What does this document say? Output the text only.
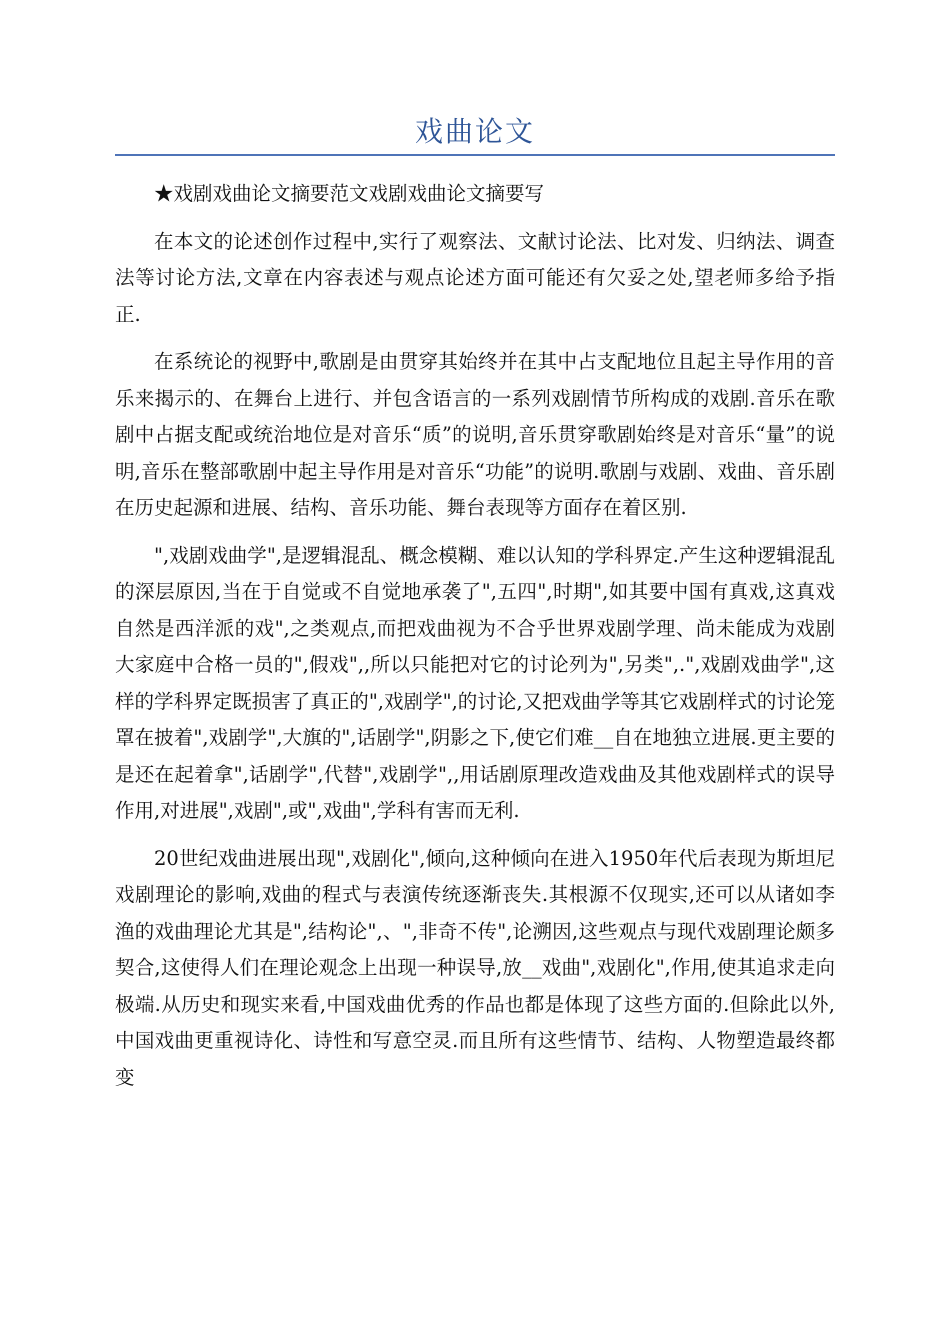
戏曲论文

★戏剧戏曲论文摘要范文戏剧戏曲论文摘要写

在本文的论述创作过程中,实行了观察法、文献讨论法、比对发、归纳法、调查法等讨论方法,文章在内容表述与观点论述方面可能还有欠妥之处,望老师多给予指正.

在系统论的视野中,歌剧是由贯穿其始终并在其中占支配地位且起主导作用的音乐来揭示的、在舞台上进行、并包含语言的一系列戏剧情节所构成的戏剧.音乐在歌剧中占据支配或统治地位是对音乐“质”的说明,音乐贯穿歌剧始终是对音乐“量”的说明,音乐在整部歌剧中起主导作用是对音乐“功能”的说明.歌剧与戏剧、戏曲、音乐剧在历史起源和进展、结构、音乐功能、舞台表现等方面存在着区别.

",戏剧戏曲学",是逻辑混乱、概念模糊、难以认知的学科界定.产生这种逻辑混乱的深层原因,当在于自觉或不自觉地承袭了",五四",时期",如其要中国有真戏,这真戏自然是西洋派的戏",之类观点,而把戏曲视为不合乎世界戏剧学理、尚未能成为戏剧大家庭中合格一员的",假戏",,所以只能把对它的讨论列为",另类",.",戏剧戏曲学",这样的学科界定既损害了真正的",戏剧学",的讨论,又把戏曲学等其它戏剧样式的讨论笼罩在披着",戏剧学",大旗的",话剧学",阴影之下,使它们难__自在地独立进展.更主要的是还在起着拿",话剧学",代替",戏剧学",,用话剧原理改造戏曲及其他戏剧样式的误导作用,对进展",戏剧",或",戏曲",学科有害而无利.

20世纪戏曲进展出现",戏剧化",倾向,这种倾向在进入1950年代后表现为斯坦尼戏剧理论的影响,戏曲的程式与表演传统逐渐丧失.其根源不仅现实,还可以从诸如李渔的戏曲理论尤其是",结构论",、",非奇不传",论溯因,这些观点与现代戏剧理论颇多契合,这使得人们在理论观念上出现一种误导,放__戏曲",戏剧化",作用,使其追求走向极端.从历史和现实来看,中国戏曲优秀的作品也都是体现了这些方面的.但除此以外,中国戏曲更重视诗化、诗性和写意空灵.而且所有这些情节、结构、人物塑造最终都变
